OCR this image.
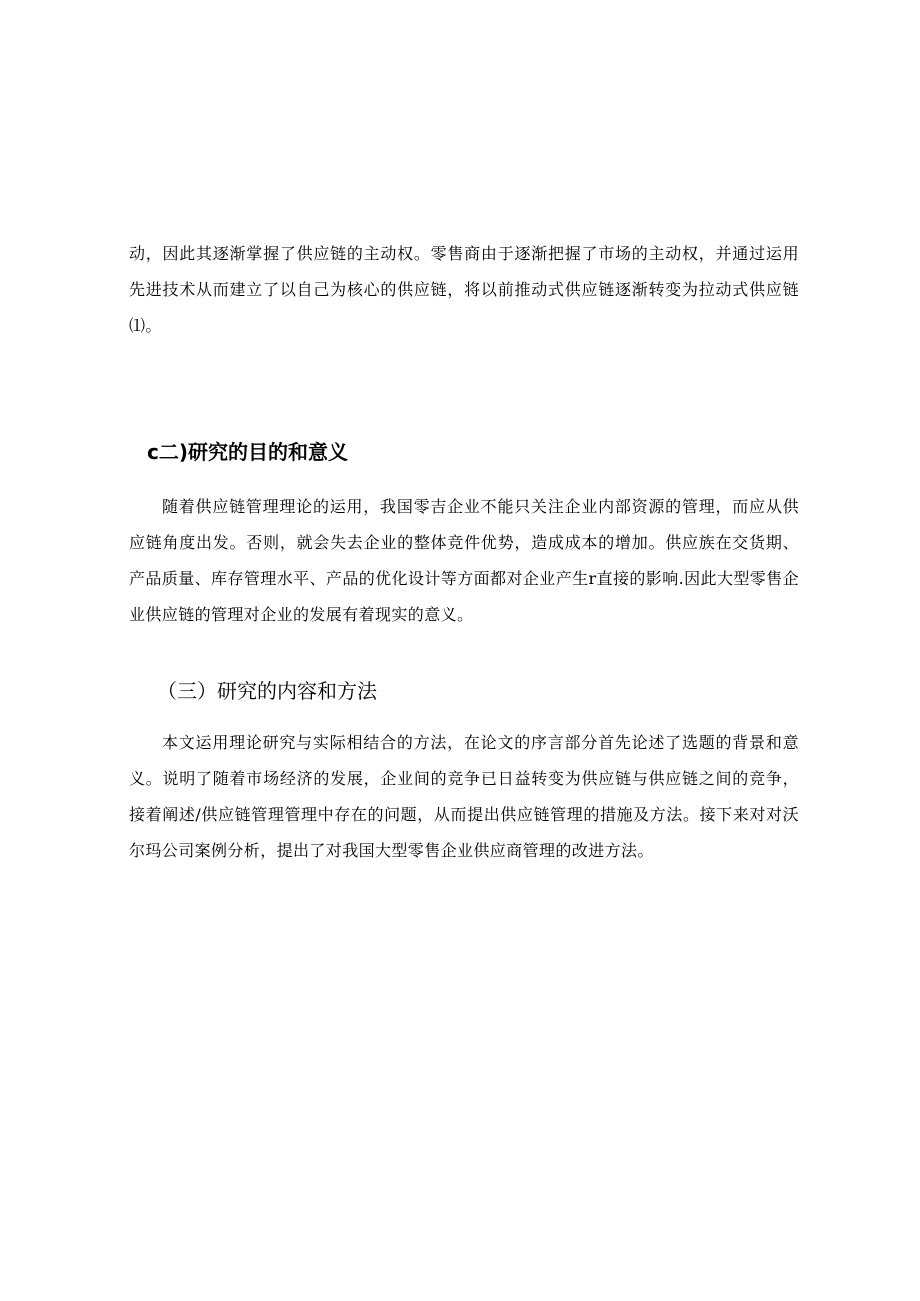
动，因此其逐渐掌握了供应链的主动权。零售商由于逐渐把握了市场的主动权，并通过运用先进技术从而建立了以自己为核心的供应链，将以前推动式供应链逐渐转变为拉动式供应链⑴。

c二)研究的目的和意义

随着供应链管理理论的运用，我国零吉企业不能只关注企业内部资源的管理，而应从供应链角度出发。否则，就会失去企业的整体竞件优势，造成成本的增加。供应族在交货期、产品质量、库存管理水平、产品的优化设计等方面都对企业产生r直接的影响.因此大型零售企业供应链的管理对企业的发展有着现实的意义。

（三）研究的内容和方法

本文运用理论研究与实际相结合的方法，在论文的序言部分首先论述了选题的背景和意义。说明了随着市场经济的发展，企业间的竞争已日益转变为供应链与供应链之间的竞争，接着阐述/供应链管理管理中存在的问题，从而提出供应链管理的措施及方法。接下来对对沃尔玛公司案例分析，提出了对我国大型零售企业供应商管理的改进方法。
